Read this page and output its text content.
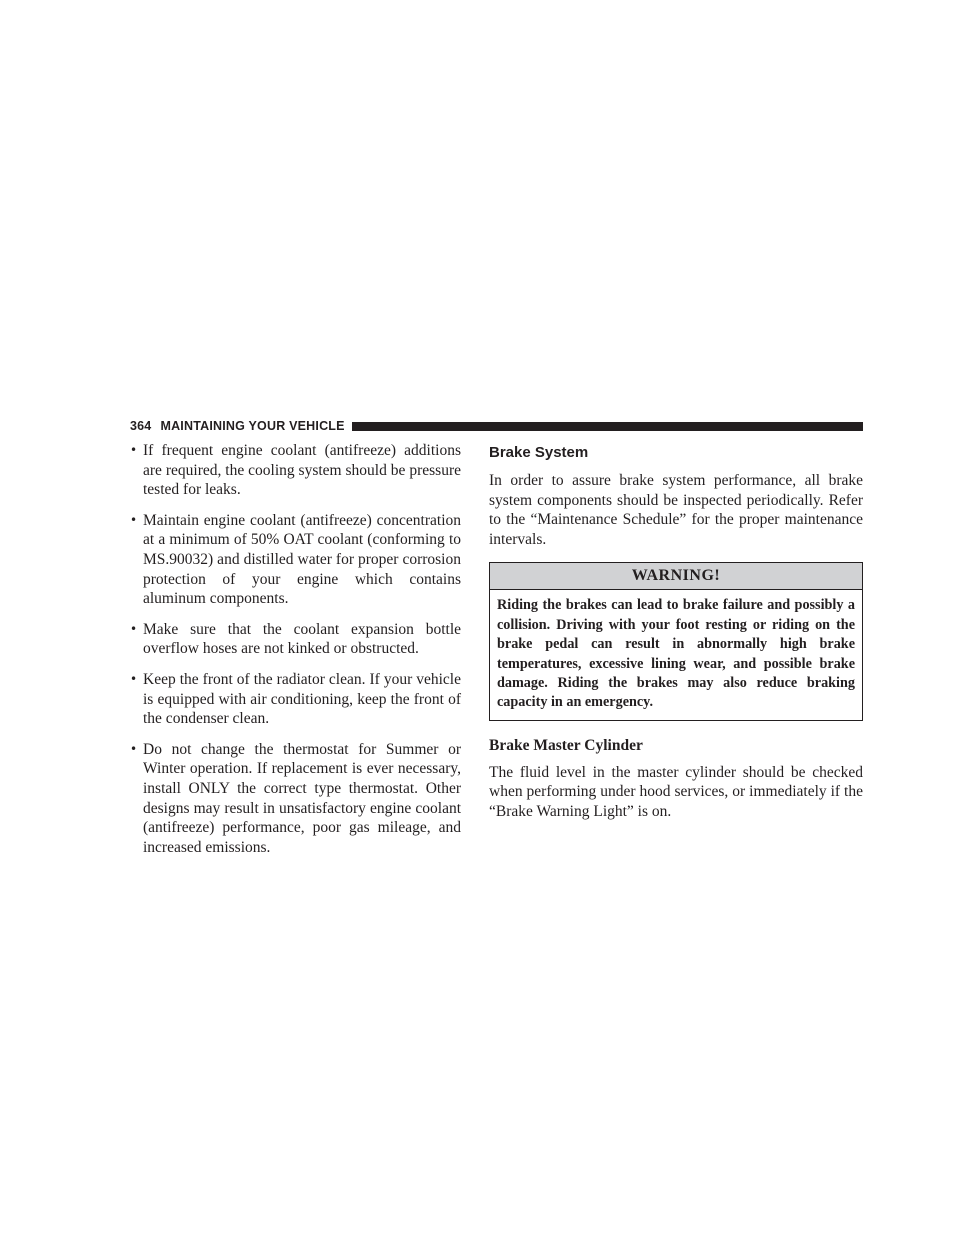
364 MAINTAINING YOUR VEHICLE
• If frequent engine coolant (antifreeze) additions are required, the cooling system should be pressure tested for leaks.
• Maintain engine coolant (antifreeze) concentration at a minimum of 50% OAT coolant (conforming to MS.90032) and distilled water for proper corrosion protection of your engine which contains aluminum components.
• Make sure that the coolant expansion bottle overflow hoses are not kinked or obstructed.
• Keep the front of the radiator clean. If your vehicle is equipped with air conditioning, keep the front of the condenser clean.
• Do not change the thermostat for Summer or Winter operation. If replacement is ever necessary, install ONLY the correct type thermostat. Other designs may result in unsatisfactory engine coolant (antifreeze) performance, poor gas mileage, and increased emissions.
Brake System

In order to assure brake system performance, all brake system components should be inspected periodically. Refer to the “Maintenance Schedule” for the proper maintenance intervals.

WARNING!
Riding the brakes can lead to brake failure and possibly a collision. Driving with your foot resting or riding on the brake pedal can result in abnormally high brake temperatures, excessive lining wear, and possible brake damage. Riding the brakes may also reduce braking capacity in an emergency.
Brake Master Cylinder

The fluid level in the master cylinder should be checked when performing under hood services, or immediately if the “Brake Warning Light” is on.
